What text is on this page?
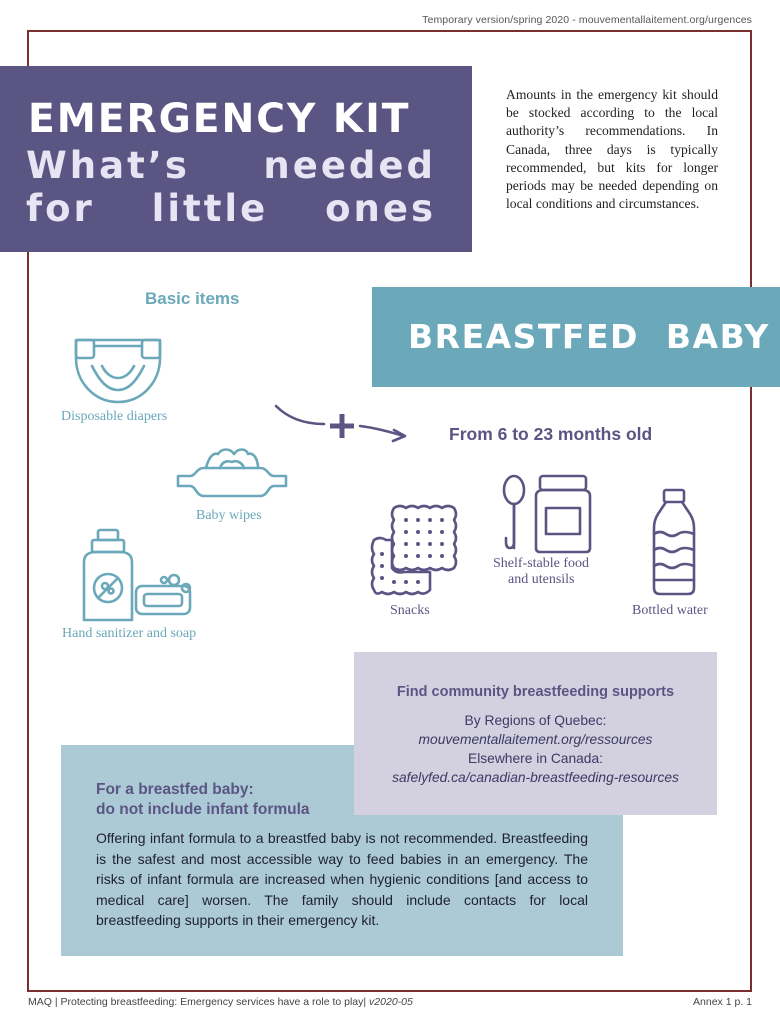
Temporary version/spring 2020 - mouvementallaitement.org/urgences
EMERGENCY KIT
What’s needed
for little ones
Amounts in the emergency kit should be stocked according to the local authority’s recommendations. In Canada, three days is typically recommended, but kits for longer periods may be needed depending on local conditions and circumstances.
Basic items
Disposable diapers
Baby wipes
Hand sanitizer and soap
BREASTFED BABY
From 6 to 23 months old
Snacks
Shelf-stable food
and utensils
Bottled water
For a breastfed baby:
do not include infant formula
Offering infant formula to a breastfed baby is not recommended. Breastfeeding is the safest and most accessible way to feed babies in an emergency. The risks of infant formula are increased when hygienic conditions [and access to medical care] worsen. The family should include contacts for local breastfeeding supports in their emergency kit.
Find community breastfeeding supports
By Regions of Quebec:
mouvementallaitement.org/ressources
Elsewhere in Canada:
safelyfed.ca/canadian-breastfeeding-resources
MAQ | Protecting breastfeeding: Emergency services have a role to play| v2020-05	Annex 1 p. 1
